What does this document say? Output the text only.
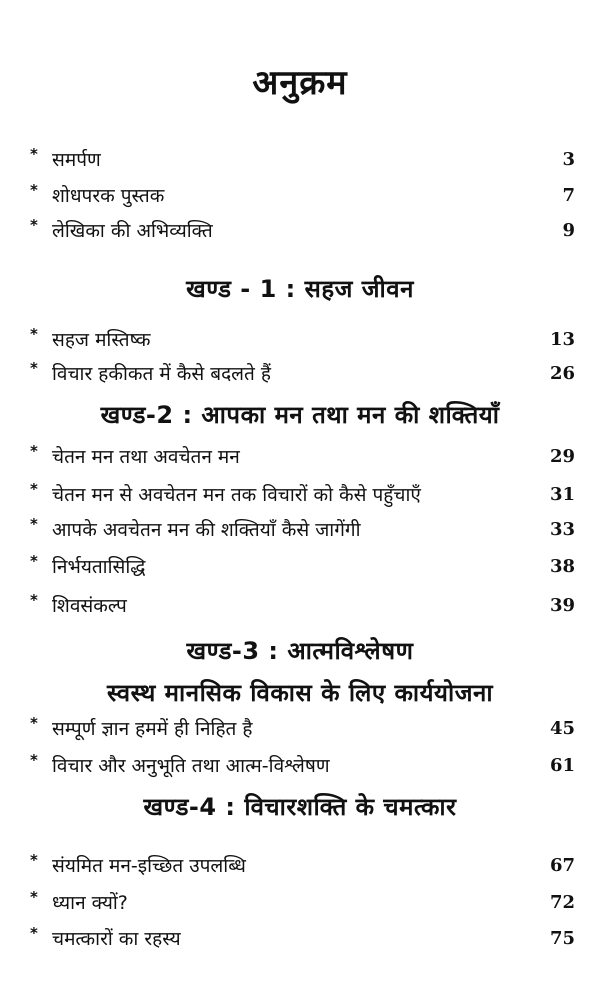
अनुक्रम
* समर्पण	3
* शोधपरक पुस्तक	7
* लेखिका की अभिव्यक्ति	9
खण्ड - 1 : सहज जीवन
* सहज मस्तिष्क	13
* विचार हकीकत में कैसे बदलते हैं	26
खण्ड-2 : आपका मन तथा मन की शक्तियाँ
* चेतन मन तथा अवचेतन मन	29
* चेतन मन से अवचेतन मन तक विचारों को कैसे पहुँचाएँ	31
* आपके अवचेतन मन की शक्तियाँ कैसे जागेंगी	33
* निर्भयतासिद्धि	38
* शिवसंकल्प	39
खण्ड-3 : आत्मविश्लेषण
स्वस्थ मानसिक विकास के लिए कार्ययोजना
* सम्पूर्ण ज्ञान हममें ही निहित है	45
* विचार और अनुभूति तथा आत्म-विश्लेषण	61
खण्ड-4 : विचारशक्ति के चमत्कार
* संयमित मन-इच्छित उपलब्धि	67
* ध्यान क्यों?	72
* चमत्कारों का रहस्य	75
